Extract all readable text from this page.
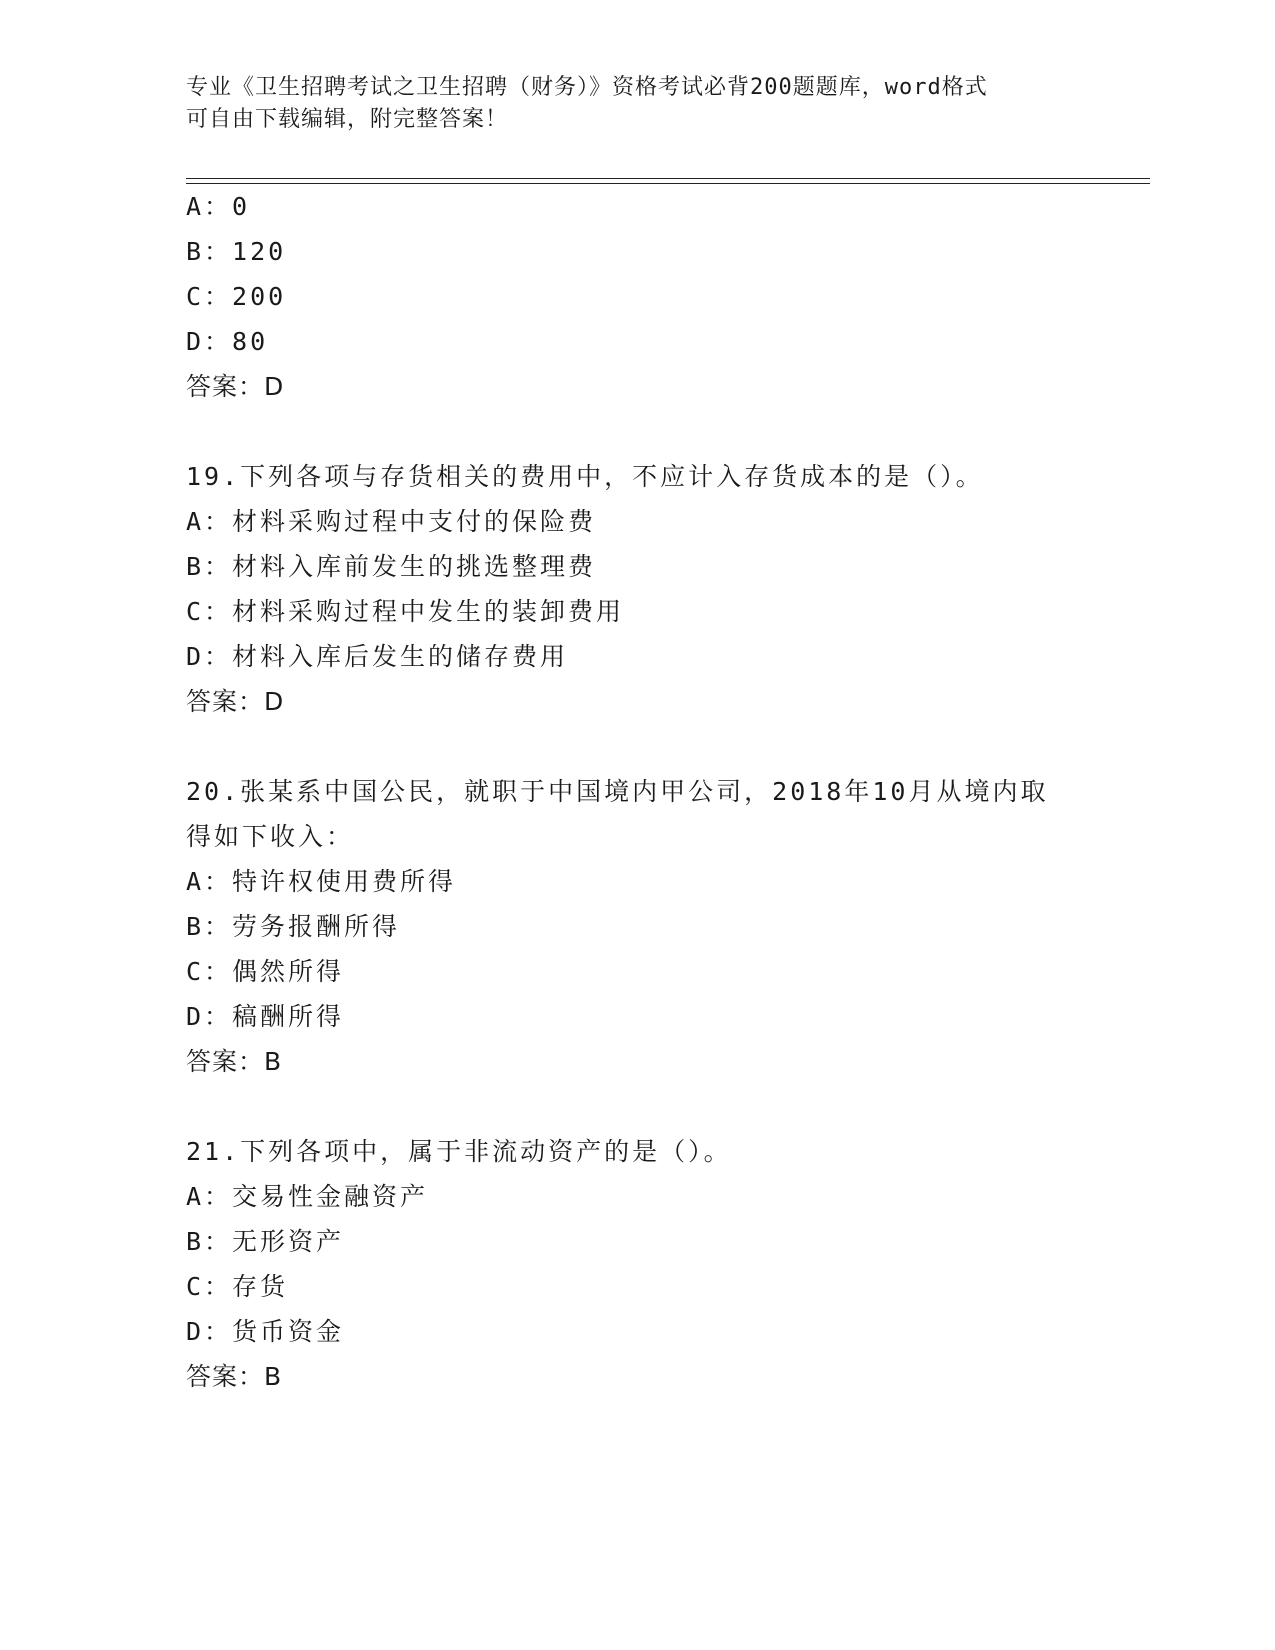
专业《卫生招聘考试之卫生招聘（财务）》资格考试必背200题题库，word格式
可自由下载编辑，附完整答案！
A：0
B：120
C：200
D：80
答案：D
19.下列各项与存货相关的费用中，不应计入存货成本的是（）。
A：材料采购过程中支付的保险费
B：材料入库前发生的挑选整理费
C：材料采购过程中发生的装卸费用
D：材料入库后发生的储存费用
答案：D
20.张某系中国公民，就职于中国境内甲公司，2018年10月从境内取
得如下收入：
A：特许权使用费所得
B：劳务报酬所得
C：偶然所得
D：稿酬所得
答案：B
21.下列各项中，属于非流动资产的是（）。
A：交易性金融资产
B：无形资产
C：存货
D：货币资金
答案：B
